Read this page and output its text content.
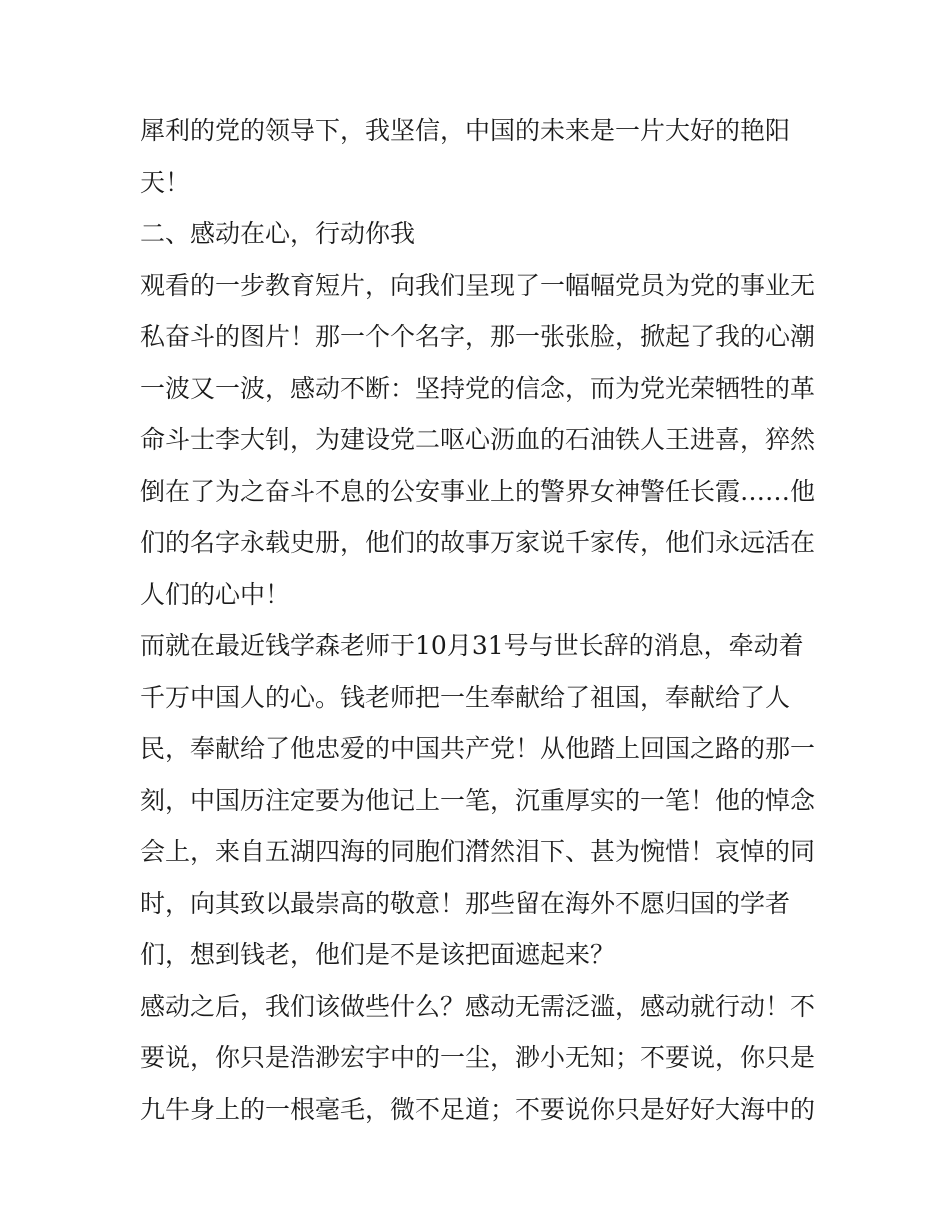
犀利的党的领导下，我坚信，中国的未来是一片大好的艳阳
天！
二、感动在心，行动你我
观看的一步教育短片，向我们呈现了一幅幅党员为党的事业无
私奋斗的图片！那一个个名字，那一张张脸，掀起了我的心潮
一波又一波，感动不断：坚持党的信念，而为党光荣牺牲的革
命斗士李大钊，为建设党二呕心沥血的石油铁人王进喜，猝然
倒在了为之奋斗不息的公安事业上的警界女神警任长霞……他
们的名字永载史册，他们的故事万家说千家传，他们永远活在
人们的心中！
而就在最近钱学森老师于10月31号与世长辞的消息，牵动着
千万中国人的心。钱老师把一生奉献给了祖国，奉献给了人
民，奉献给了他忠爱的中国共产党！从他踏上回国之路的那一
刻，中国历注定要为他记上一笔，沉重厚实的一笔！他的悼念
会上，来自五湖四海的同胞们潸然泪下、甚为惋惜！哀悼的同
时，向其致以最崇高的敬意！那些留在海外不愿归国的学者
们，想到钱老，他们是不是该把面遮起来？
感动之后，我们该做些什么？感动无需泛滥，感动就行动！不
要说，你只是浩渺宏宇中的一尘，渺小无知；不要说，你只是
九牛身上的一根毫毛，微不足道；不要说你只是好好大海中的
